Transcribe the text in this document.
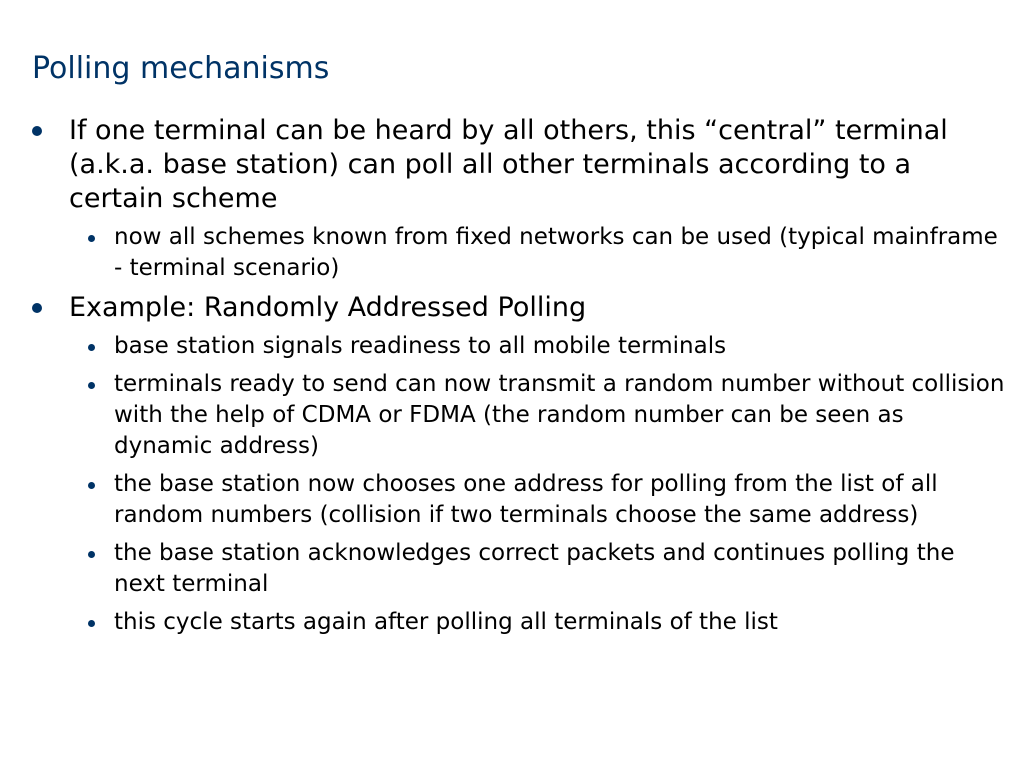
Polling mechanisms
If one terminal can be heard by all others, this “central” terminal (a.k.a. base station) can poll all other terminals according to a certain scheme
now all schemes known from fixed networks can be used (typical mainframe - terminal scenario)
Example: Randomly Addressed Polling
base station signals readiness to all mobile terminals
terminals ready to send can now transmit a random number without collision with the help of CDMA or FDMA (the random number can be seen as dynamic address)
the base station now chooses one address for polling from the list of all random numbers (collision if two terminals choose the same address)
the base station acknowledges correct packets and continues polling the next terminal
this cycle starts again after polling all terminals of the list
